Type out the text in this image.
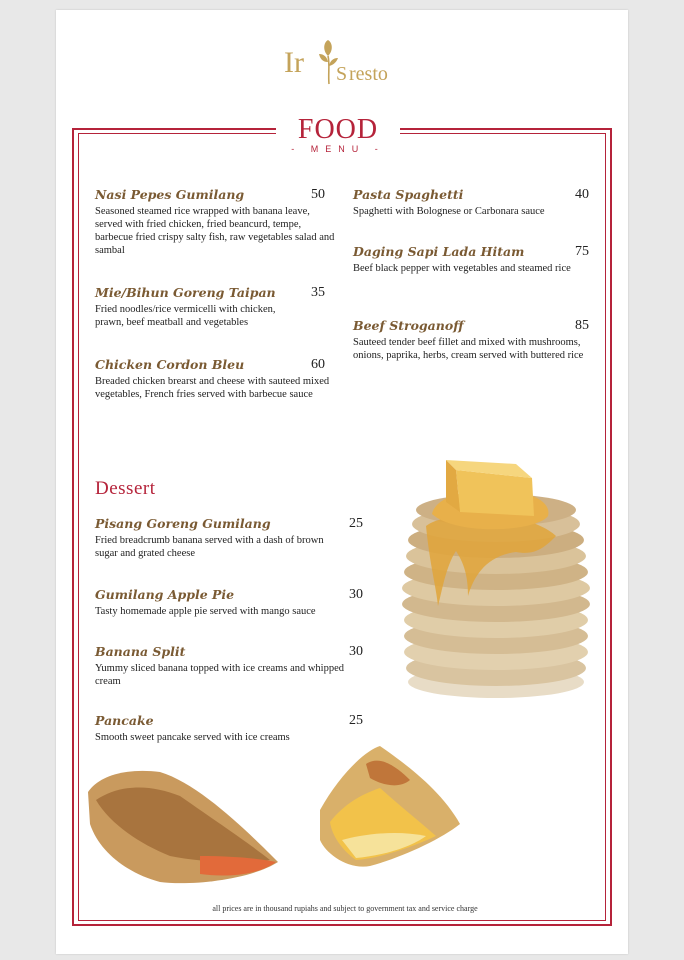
Ir S resto
FOOD
- MENU -
Nasi Pepes Gumilang	50
Seasoned steamed rice wrapped with banana leave, served with fried chicken, fried beancurd, tempe, barbecue fried crispy salty fish, raw vegetables salad and sambal
Mie/Bihun Goreng Taipan	35
Fried noodles/rice vermicelli with chicken, prawn, beef meatball and vegetables
Chicken Cordon Bleu	60
Breaded chicken brearst and cheese with sauteed mixed vegetables, French fries served with barbecue sauce
Pasta Spaghetti	40
Spaghetti with Bolognese or Carbonara sauce
Daging Sapi Lada Hitam	75
Beef black pepper with vegetables and steamed rice
Beef Stroganoff	85
Sauteed tender beef fillet and mixed with mushrooms, onions, paprika, herbs, cream served with buttered rice
Dessert
Pisang Goreng Gumilang	25
Fried breadcrumb banana served with a dash of brown sugar and grated cheese
Gumilang Apple Pie	30
Tasty homemade apple pie served with mango sauce
Banana Split	30
Yummy sliced banana topped with ice creams and whipped cream
Pancake	25
Smooth sweet pancake served with ice creams
all prices are in thousand rupiahs and subject to government tax and service charge
